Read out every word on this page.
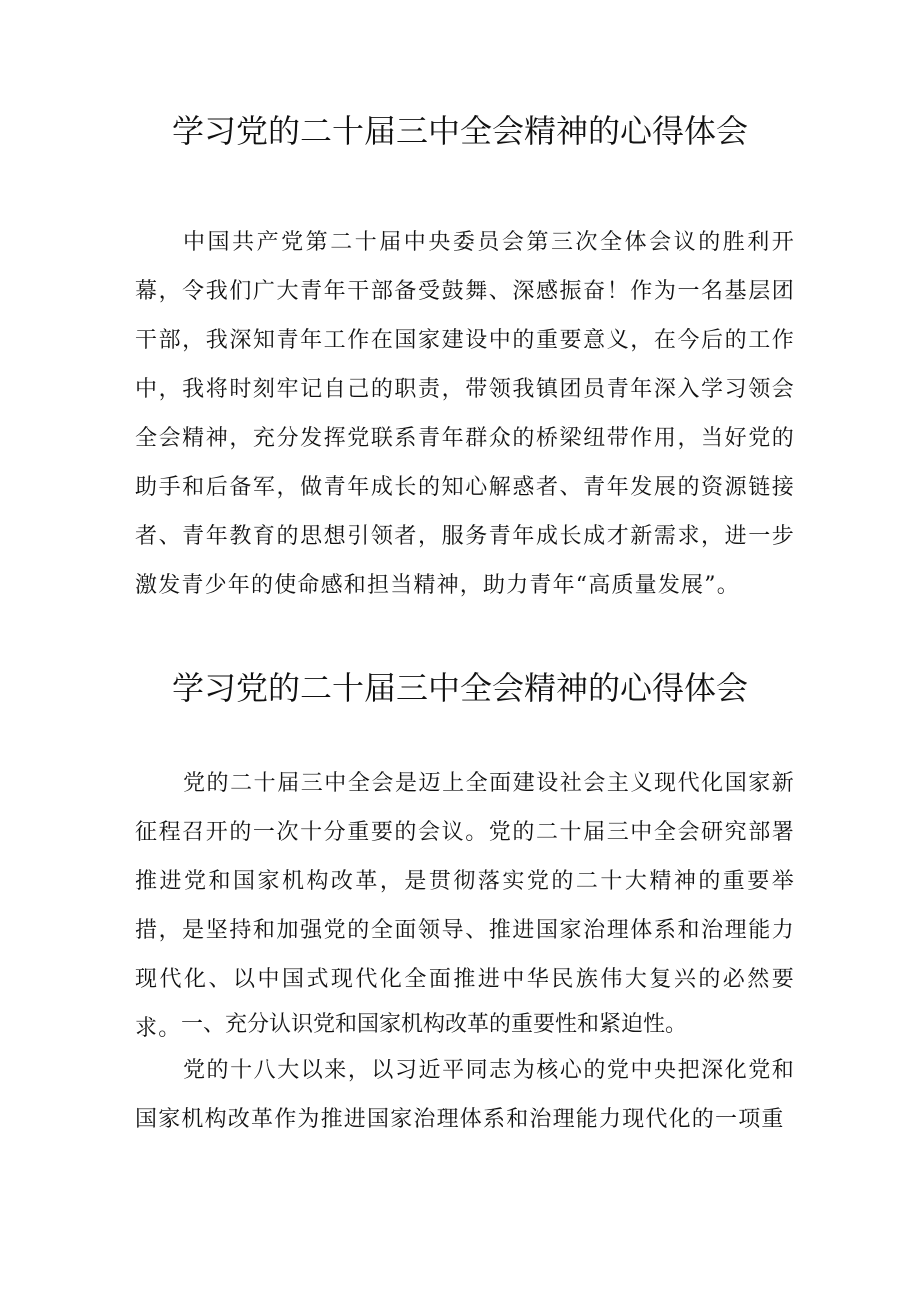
学习党的二十届三中全会精神的心得体会

中国共产党第二十届中央委员会第三次全体会议的胜利开幕，令我们广大青年干部备受鼓舞、深感振奋！作为一名基层团干部，我深知青年工作在国家建设中的重要意义，在今后的工作中，我将时刻牢记自己的职责，带领我镇团员青年深入学习领会全会精神，充分发挥党联系青年群众的桥梁纽带作用，当好党的助手和后备军，做青年成长的知心解惑者、青年发展的资源链接者、青年教育的思想引领者，服务青年成长成才新需求，进一步激发青少年的使命感和担当精神，助力青年“高质量发展”。

学习党的二十届三中全会精神的心得体会

党的二十届三中全会是迈上全面建设社会主义现代化国家新征程召开的一次十分重要的会议。党的二十届三中全会研究部署推进党和国家机构改革，是贯彻落实党的二十大精神的重要举措，是坚持和加强党的全面领导、推进国家治理体系和治理能力现代化、以中国式现代化全面推进中华民族伟大复兴的必然要求。 一、充分认识党和国家机构改革的重要性和紧迫性。

党的十八大以来，以习近平同志为核心的党中央把深化党和国家机构改革作为推进国家治理体系和治理能力现代化的一项重
